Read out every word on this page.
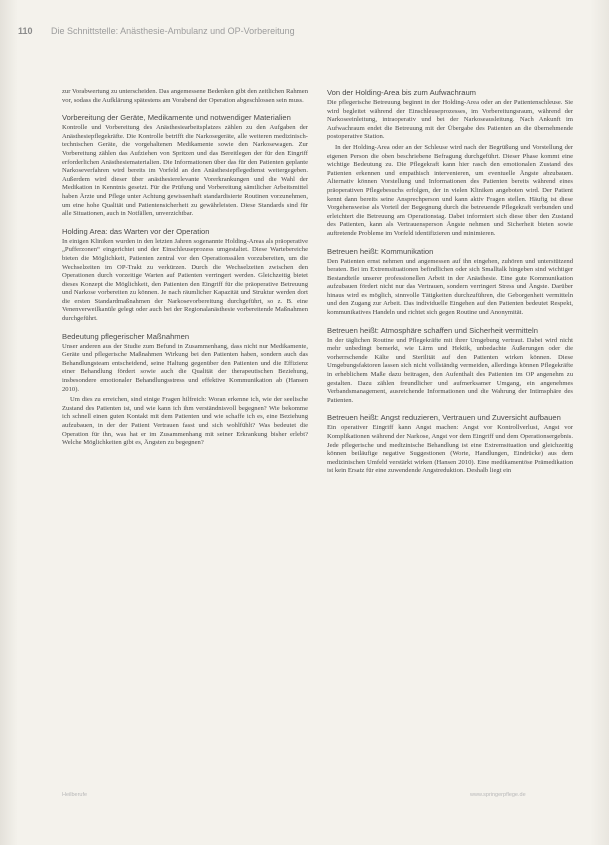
110 Die Schnittstelle: Anästhesie-Ambulanz und OP-Vorbereitung

zur Vorabwertung zu unterscheiden. Das angemessene Bedenken gibt den zeitlichen Rahmen vor, sodass die Aufklärung spätestens am Vorabend der Operation abgeschlossen sein muss.

Vorbereitung der Geräte, Medikamente und notwendiger Materialien

Kontrolle und Vorbereitung des Anästhesiearbeitsplatzes zählen zu den Aufgaben der Anästhesiepflegekräfte. Die Kontrolle betrifft die Narkosegeräte, alle weiteren medizinisch-technischen Geräte, die vorgehaltenen Medikamente sowie den Narkosewagen. Zur Vorbereitung zählen das Aufziehen von Spritzen und das Bereitlegen der für den Eingriff erforderlichen Anästhesiematerialien. Die Informationen über das für den Patienten geplante Narkoseverfahren wird bereits im Vorfeld an den Anästhesiepflegedienst weitergegeben. Außerdem wird dieser über anästhesierelevante Vorerkrankungen und die Wahl der Medikation in Kenntnis gesetzt. Für die Prüfung und Vorbereitung sämtlicher Arbeitsmittel haben Ärzte und Pflege unter Achtung gewissenhaft standardisierte Routinen vorzunehmen, um eine hohe Qualität und Patientensicherheit zu gewährleisten. Diese Standards sind für alle Situationen, auch in Notfällen, unverzichtbar.

Holding Area: das Warten vor der Operation

In einigen Kliniken wurden in den letzten Jahren sogenannte Holding-Areas als präoperative „Pufferzonen“ eingerichtet und der Einschleuseprozess umgestaltet. Diese Wartebereiche bieten die Möglichkeit, Patienten zentral vor den Operationssälen vorzubereiten, um die Wechselzeiten im OP-Trakt zu verkürzen. Durch die Wechselzeiten zwischen den Operationen durch vorzeitige Warten auf Patienten verringert werden. Gleichzeitig bietet dieses Konzept die Möglichkeit, den Patienten den Eingriff für die präoperative Betreuung und Narkose vorbereiten zu können. Je nach räumlicher Kapazität und Struktur werden dort die ersten Standardmaßnahmen der Narkosevorbereitung durchgeführt, so z. B. eine Venenverweilkanüle gelegt oder auch bei der Regionalanästhesie vorbereitende Maßnahmen durchgeführt.

Bedeutung pflegerischer Maßnahmen

Unser anderen aus der Studie zum Befund in Zusammenhang, dass nicht nur Medikamente, Geräte und pflegerische Maßnahmen Wirkung bei den Patienten haben, sondern auch das Behandlungsteam entscheidend, seine Haltung gegenüber den Patienten und die Effizienz einer Behandlung fördert sowie auch die Qualität der therapeutischen Beziehung, insbesondere emotionaler Behandlungsstress und effektive Kommunikation ab (Hansen 2010).

Um dies zu erreichen, sind einige Fragen hilfreich: Woran erkenne ich, wie der seelische Zustand des Patienten ist, und wie kann ich ihm verständnisvoll begegnen? Wie bekomme ich schnell einen guten Kontakt mit dem Patienten und wie schaffe ich es, eine Beziehung aufzubauen, in der der Patient Vertrauen fasst und sich wohlfühlt? Was bedeutet die Operation für ihn, was hat er im Zusammenhang mit seiner Erkrankung bisher erlebt? Welche Möglichkeiten gibt es, Ängsten zu begegnen?

Von der Holding-Area bis zum Aufwachraum

Die pflegerische Betreuung beginnt in der Holding-Area oder an der Patientenschleuse. Sie wird begleitet während der Einschleuseprozesses, im Vorbereitungsraum, während der Narkoseeinleitung, intraoperativ und bei der Narkoseausleitung. Nach Ankunft im Aufwachraum endet die Betreuung mit der Übergabe des Patienten an die übernehmende postoperative Station.

In der Holding-Area oder an der Schleuse wird nach der Begrüßung und Vorstellung der eigenen Person die oben beschriebene Befragung durchgeführt. Dieser Phase kommt eine wichtige Bedeutung zu. Die Pflegekraft kann hier rasch den emotionalen Zustand des Patienten erkennen und empathisch intervenieren, um eventuelle Ängste abzubauen. Alternativ können Vorstellung und Informationen des Patienten bereits während eines präoperativen Pflegebesuchs erfolgen, der in vielen Kliniken angeboten wird. Der Patient kennt dann bereits seine Ansprechperson und kann aktiv Fragen stellen. Häufig ist diese Vorgehensweise als Vorteil der Begegnung durch die betreuende Pflegekraft verbunden und erleichtert die Betreuung am Operationstag. Dabei informiert sich diese über den Zustand des Patienten, kann als Vertrauensperson Ängste nehmen und Sicherheit bieten sowie auftretende Probleme im Vorfeld identifizieren und minimieren.

Betreuen heißt: Kommunikation

Den Patienten ernst nehmen und angemessen auf ihn eingehen, zuhören und unterstützend beraten. Bei im Extremsituationen befindlichen oder sich Smalltalk hingeben sind wichtiger Bestandteile unserer professionellen Arbeit in der Anästhesie. Eine gute Kommunikation aufzubauen fördert nicht nur das Vertrauen, sondern verringert Stress und Ängste. Darüber hinaus wird es möglich, sinnvolle Tätigkeiten durchzuführen, die Geborgenheit vermitteln und den Zugang zur Arbeit. Das individuelle Eingehen auf den Patienten bedeutet Respekt, kommunikatives Handeln und richtet sich gegen Routine und Anonymität.

Betreuen heißt: Atmosphäre schaffen und Sicherheit vermitteln

In der täglichen Routine und Pflegekräfte mit ihrer Umgebung vertraut. Dabei wird nicht mehr unbedingt bemerkt, wie Lärm und Hektik, unbedachte Äußerungen oder die vorherrschende Kälte und Sterilität auf den Patienten wirken können. Diese Umgebungsfaktoren lassen sich nicht vollständig vermeiden, allerdings können Pflegekräfte in erheblichem Maße dazu beitragen, den Aufenthalt des Patienten im OP angenehm zu gestalten. Dazu zählen freundlicher und aufmerksamer Umgang, ein angenehmes Verbandsmanagement, ausreichende Informationen und die Wahrung der Intimsphäre des Patienten.

Betreuen heißt: Angst reduzieren, Vertrauen und Zuversicht aufbauen

Ein operativer Eingriff kann Angst machen: Angst vor Kontrollverlust, Angst vor Komplikationen während der Narkose, Angst vor dem Eingriff und dem Operationsergebnis. Jede pflegerische und medizinische Behandlung ist eine Extremsituation und gleichzeitig können beiläufige negative Suggestionen (Worte, Handlungen, Eindrücke) aus dem medizinischen Umfeld verstärkt wirken (Hansen 2010). Eine medikamentöse Prämedikation ist kein Ersatz für eine zuwendende Angstreduktion. Deshalb liegt ein

Heilberufe	www.springerpflege.de
